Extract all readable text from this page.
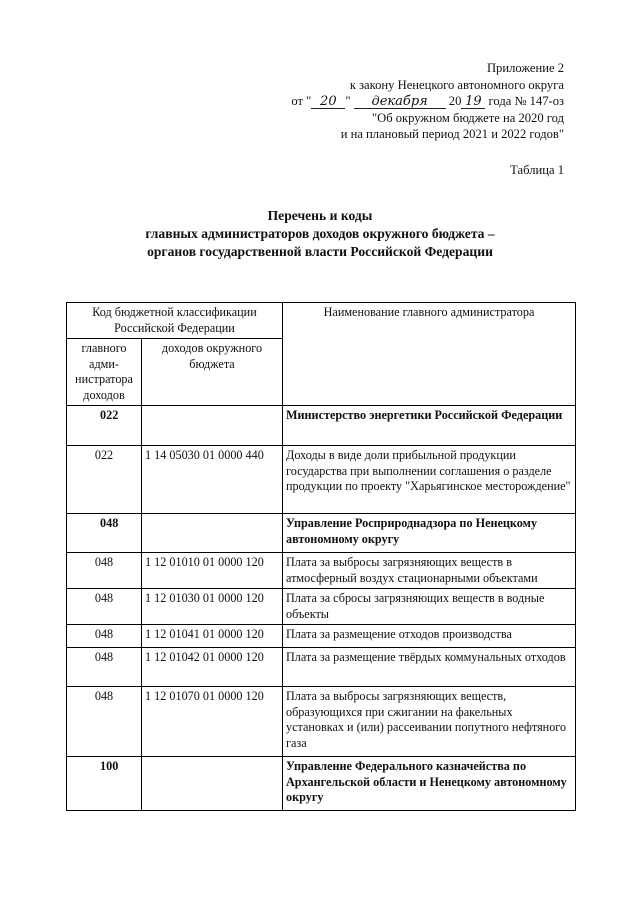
Приложение 2
к закону Ненецкого автономного округа
от " 20 " декабря 20 19 года № 147-оз
"Об окружном бюджете на 2020 год
и на плановый период 2021 и 2022 годов"
Таблица 1
Перечень и коды
главных администраторов доходов окружного бюджета –
органов государственной власти Российской Федерации
Код бюджетной классификации Российской Федерации		Наименование главного администратора
главного адми-нистратора доходов	доходов окружного бюджета	
022		Министерство энергетики Российской Федерации
022	1 14 05030 01 0000 440	Доходы в виде доли прибыльной продукции государства при выполнении соглашения о разделе продукции по проекту "Харьягинское месторождение"
048		Управление Росприроднадзора по Ненецкому автономному округу
048	1 12 01010 01 0000 120	Плата за выбросы загрязняющих веществ в атмосферный воздух стационарными объектами
048	1 12 01030 01 0000 120	Плата за сбросы загрязняющих веществ в водные объекты
048	1 12 01041 01 0000 120	Плата за размещение отходов производства
048	1 12 01042 01 0000 120	Плата за размещение твёрдых коммунальных отходов
048	1 12 01070 01 0000 120	Плата за выбросы загрязняющих веществ, образующихся при сжигании на факельных установках и (или) рассеивании попутного нефтяного газа
100		Управление Федерального казначейства по Архангельской области и Ненецкому автономному округу
